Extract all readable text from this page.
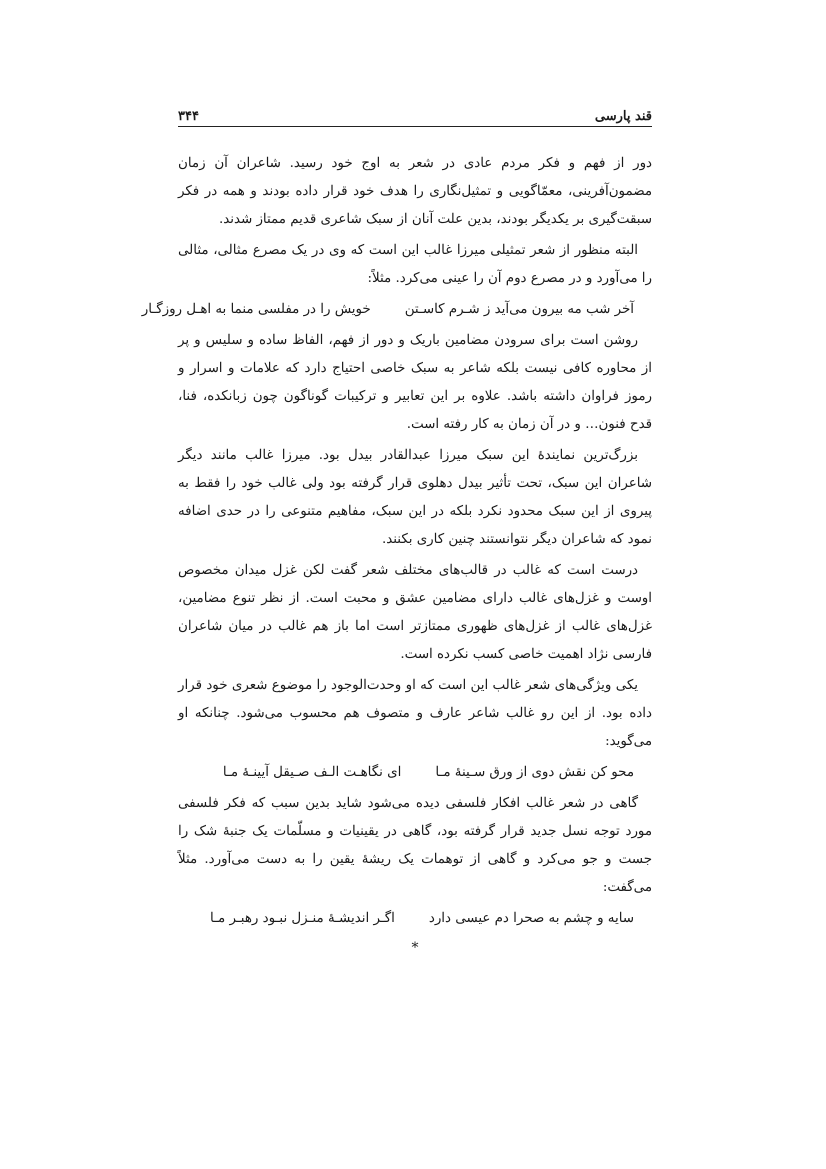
قند پارسی
۳۴۴

دور از فهم و فکر مردم عادی در شعر به اوج خود رسید. شاعران آن زمان مضمون‌آفرینی، معمّاگویی و تمثیل‌نگاری را هدف خود قرار داده بودند و همه در فکر سبقت‌گیری بر یکدیگر بودند، بدین علت آنان از سبک شاعری قدیم ممتاز شدند.

البته منظور از شعر تمثیلی میرزا غالب این است که وی در یک مصرع مثالی، مثالی را می‌آورد و در مصرع دوم آن را عینی می‌کرد. مثلاً:

آخر شب مه بیرون می‌آید ز شـرم کاسـتن
خویش را در مفلسی منما به اهـل روزگـار

روشن است برای سرودن مضامین باریک و دور از فهم، الفاظ ساده و سلیس و پر از محاوره کافی نیست بلکه شاعر به سبک خاصی احتیاج دارد که علامات و اسرار و رموز فراوان داشته باشد. علاوه بر این تعابیر و ترکیبات گوناگون چون زبانکده، فنا، قدح فنون… و در آن زمان به کار رفته است.

بزرگ‌ترین نمایندهٔ این سبک میرزا عبدالقادر بیدل بود. میرزا غالب مانند دیگر شاعران این سبک، تحت تأثیر بیدل دهلوی قرار گرفته بود ولی غالب خود را فقط به پیروی از این سبک محدود نکرد بلکه در این سبک، مفاهیم متنوعی را در حدی اضافه نمود که شاعران دیگر نتوانستند چنین کاری بکنند.

درست است که غالب در قالب‌های مختلف شعر گفت لکن غزل میدان مخصوص اوست و غزل‌های غالب دارای مضامین عشق و محبت است. از نظر تنوع مضامین، غزل‌های غالب از غزل‌های ظهوری ممتازتر است اما باز هم غالب در میان شاعران فارسی نژاد اهمیت خاصی کسب نکرده است.

یکی ویژگی‌های شعر غالب این است که او وحدت‌الوجود را موضوع شعری خود قرار داده بود. از این رو غالب شاعر عارف و متصوف هم محسوب می‌شود. چنانکه او می‌گوید:

محو کن نقش دوی از ورق سـینهٔ مـا
ای نگاهـت الـف صـیقل آیینـهٔ مـا

گاهی در شعر غالب افکار فلسفی دیده می‌شود شاید بدین سبب که فکر فلسفی مورد توجه نسل جدید قرار گرفته بود، گاهی در یقینیات و مسلّمات یک جنبهٔ شک را جست و جو می‌کرد و گاهی از توهمات یک ریشهٔ یقین را به دست می‌آورد. مثلاً می‌گفت:

سایه و چشم به صحرا دم عیسی دارد
اگـر اندیشـهٔ منـزل نبـود رهبـر مـا
*
